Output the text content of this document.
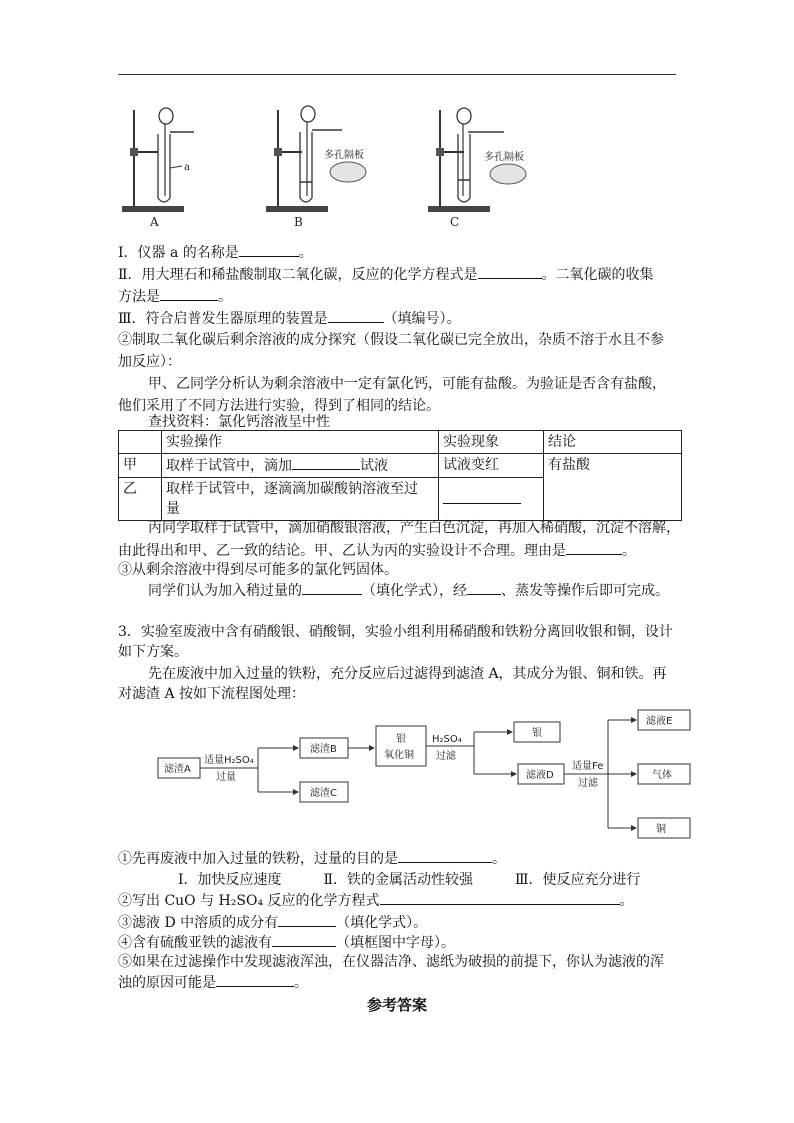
a
A
多孔隔板
B
多孔隔板
C
Ⅰ．仪器 a 的名称是	。
Ⅱ．用大理石和稀盐酸制取二氧化碳，反应的化学方程式是	。二氧化碳的收集
方法是	。
Ⅲ．符合启普发生器原理的装置是	（填编号）。
②制取二氧化碳后剩余溶液的成分探究（假设二氧化碳已完全放出，杂质不溶于水且不参
加反应）：
甲、乙同学分析认为剩余溶液中一定有氯化钙，可能有盐酸。为验证是否含有盐酸，
他们采用了不同方法进行实验，得到了相同的结论。
查找资料：氯化钙溶液呈中性
	实验操作	实验现象	结论
甲	取样于试管中，滴加 试液	试液变红	有盐酸
乙	取样于试管中，逐滴滴加碳酸钠溶液至过
量		

丙同学取样于试管中，滴加硝酸银溶液，产生白色沉淀，再加入稀硝酸，沉淀不溶解，
由此得出和甲、乙一致的结论。甲、乙认为丙的实验设计不合理。理由是	。
③从剩余溶液中得到尽可能多的氯化钙固体。
同学们认为加入稍过量的	（填化学式），经 、蒸发等操作后即可完成。
3．实验室废液中含有硝酸银、硝酸铜，实验小组利用稀硝酸和铁粉分离回收银和铜，设计
如下方案。
先在废液中加入过量的铁粉，充分反应后过滤得到滤渣 A，其成分为银、铜和铁。再
对滤渣 A 按如下流程图处理：
滤渣A
适量H₂SO₄
过量
滤渣B
滤渣C
银
氧化铜
H₂SO₄
过滤
银
滤液D
适量Fe
过滤
滤液E
气体
铜
①先再废液中加入过量的铁粉，过量的目的是	。
Ⅰ．加快反应速度　　　Ⅱ．铁的金属活动性较强　　　Ⅲ．使反应充分进行
②写出 CuO 与 H₂SO₄ 反应的化学方程式	。
③滤液 D 中溶质的成分有	（填化学式）。
④含有硫酸亚铁的滤液有	（填框图中字母）。
⑤如果在过滤操作中发现滤液浑浊，在仪器洁净、滤纸为破损的前提下，你认为滤液的浑
浊的原因可能是	。
参考答案
